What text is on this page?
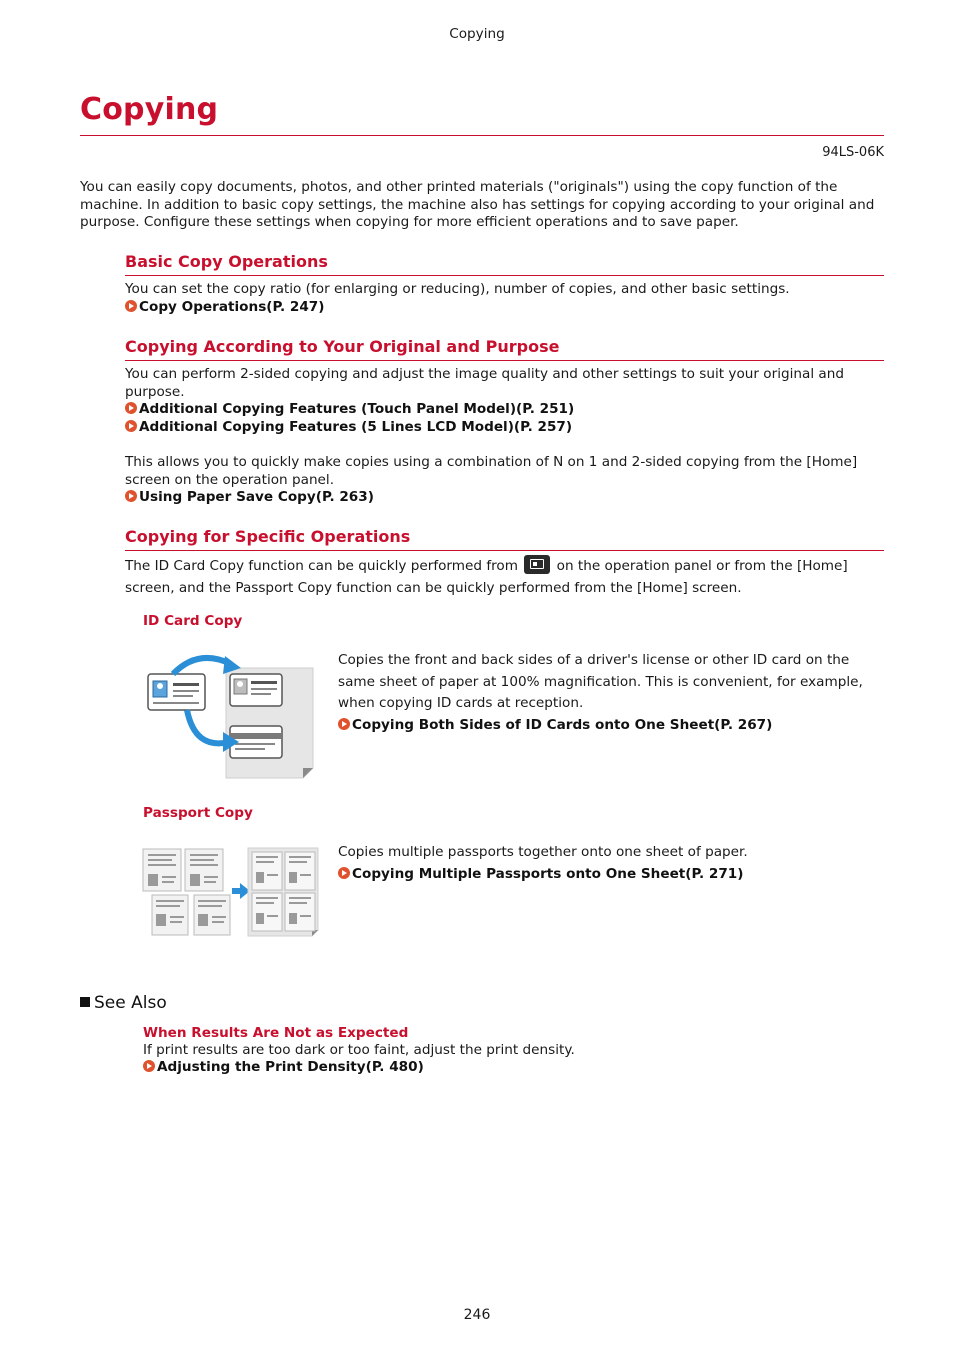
Copying
Copying
94LS-06K
You can easily copy documents, photos, and other printed materials ("originals") using the copy function of the machine. In addition to basic copy settings, the machine also has settings for copying according to your original and purpose. Configure these settings when copying for more efficient operations and to save paper.
Basic Copy Operations
You can set the copy ratio (for enlarging or reducing), number of copies, and other basic settings.
Copy Operations(P. 247)
Copying According to Your Original and Purpose
You can perform 2-sided copying and adjust the image quality and other settings to suit your original and purpose.
Additional Copying Features (Touch Panel Model)(P. 251)
Additional Copying Features (5 Lines LCD Model)(P. 257)
This allows you to quickly make copies using a combination of N on 1 and 2-sided copying from the [Home] screen on the operation panel.
Using Paper Save Copy(P. 263)
Copying for Specific Operations
The ID Card Copy function can be quickly performed from	on the operation panel or from the [Home] screen, and the Passport Copy function can be quickly performed from the [Home] screen.
ID Card Copy
Copies the front and back sides of a driver's license or other ID card on the same sheet of paper at 100% magnification. This is convenient, for example, when copying ID cards at reception.
Copying Both Sides of ID Cards onto One Sheet(P. 267)
Passport Copy
Copies multiple passports together onto one sheet of paper.
Copying Multiple Passports onto One Sheet(P. 271)
See Also
When Results Are Not as Expected
If print results are too dark or too faint, adjust the print density.
Adjusting the Print Density(P. 480)
246
